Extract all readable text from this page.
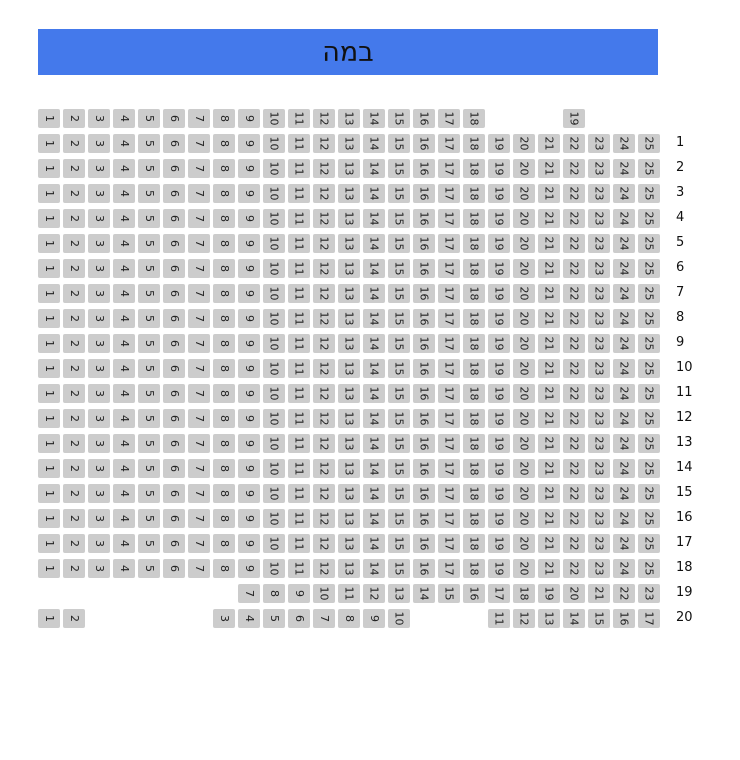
במה
1 2 3 4 5 6 7 8 9 10 11 12 13 14 15 16 17 18	19
1 2 3 4 5 6 7 8 9 10 11 12 13 14 15 16 17 18 19 20 21 22 23 24 25 1
1 2 3 4 5 6 7 8 9 10 11 12 13 14 15 16 17 18 19 20 21 22 23 24 25 2
1 2 3 4 5 6 7 8 9 10 11 12 13 14 15 16 17 18 19 20 21 22 23 24 25 3
1 2 3 4 5 6 7 8 9 10 11 12 13 14 15 16 17 18 19 20 21 22 23 24 25 4
1 2 3 4 5 6 7 8 9 10 11 12 13 14 15 16 17 18 19 20 21 22 23 24 25 5
1 2 3 4 5 6 7 8 9 10 11 12 13 14 15 16 17 18 19 20 21 22 23 24 25 6
1 2 3 4 5 6 7 8 9 10 11 12 13 14 15 16 17 18 19 20 21 22 23 24 25 7
1 2 3 4 5 6 7 8 9 10 11 12 13 14 15 16 17 18 19 20 21 22 23 24 25 8
1 2 3 4 5 6 7 8 9 10 11 12 13 14 15 16 17 18 19 20 21 22 23 24 25 9
1 2 3 4 5 6 7 8 9 10 11 12 13 14 15 16 17 18 19 20 21 22 23 24 25 10
1 2 3 4 5 6 7 8 9 10 11 12 13 14 15 16 17 18 19 20 21 22 23 24 25 11
1 2 3 4 5 6 7 8 9 10 11 12 13 14 15 16 17 18 19 20 21 22 23 24 25 12
1 2 3 4 5 6 7 8 9 10 11 12 13 14 15 16 17 18 19 20 21 22 23 24 25 13
1 2 3 4 5 6 7 8 9 10 11 12 13 14 15 16 17 18 19 20 21 22 23 24 25 14
1 2 3 4 5 6 7 8 9 10 11 12 13 14 15 16 17 18 19 20 21 22 23 24 25 15
1 2 3 4 5 6 7 8 9 10 11 12 13 14 15 16 17 18 19 20 21 22 23 24 25 16
1 2 3 4 5 6 7 8 9 10 11 12 13 14 15 16 17 18 19 20 21 22 23 24 25 17
1 2 3 4 5 6 7 8 9 10 11 12 13 14 15 16 17 18 19 20 21 22 23 24 25 18
7 8 9 10 11 12 13 14 15 16 17 18 19 20 21 22 23 19
1 2	3 4 5 6 7 8 9 10	11 12 13 14 15 16 17 20
